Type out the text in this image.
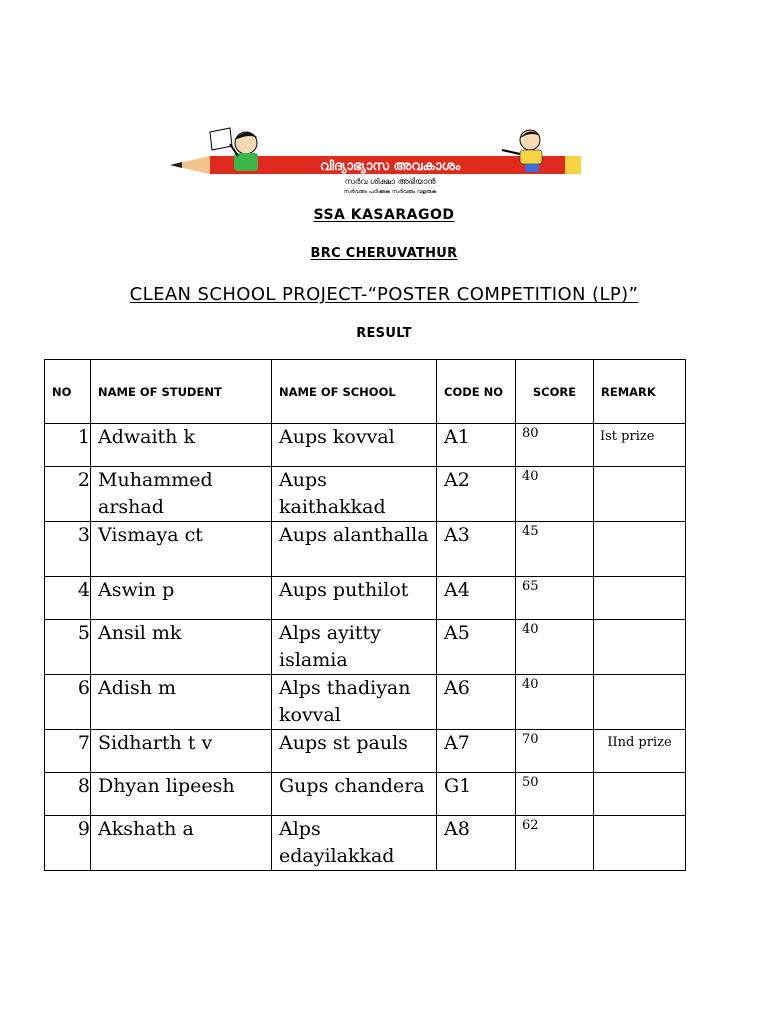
വിദ്യാഭ്യാസ അവകാശം
സർവ ശിക്ഷാ അഭിയാൻ
സർവരും പഠിക്കുക സർവരും വളരുക
SSA KASARAGOD
BRC CHERUVATHUR
CLEAN SCHOOL PROJECT-“POSTER COMPETITION (LP)”
RESULT
NO	NAME OF STUDENT	NAME OF SCHOOL	CODE NO	SCORE	REMARK
1	Adwaith k	Aups kovval	A1	80	Ist prize
2	Muhammed arshad	Aups kaithakkad	A2	40	
3	Vismaya ct	Aups alanthalla	A3	45	
4	Aswin p	Aups puthilot	A4	65	
5	Ansil mk	Alps ayitty islamia	A5	40	
6	Adish m	Alps thadiyan kovval	A6	40	
7	Sidharth t v	Aups st pauls	A7	70	IInd prize
8	Dhyan lipeesh	Gups chandera	G1	50	
9	Akshath a	Alps edayilakkad	A8	62	
